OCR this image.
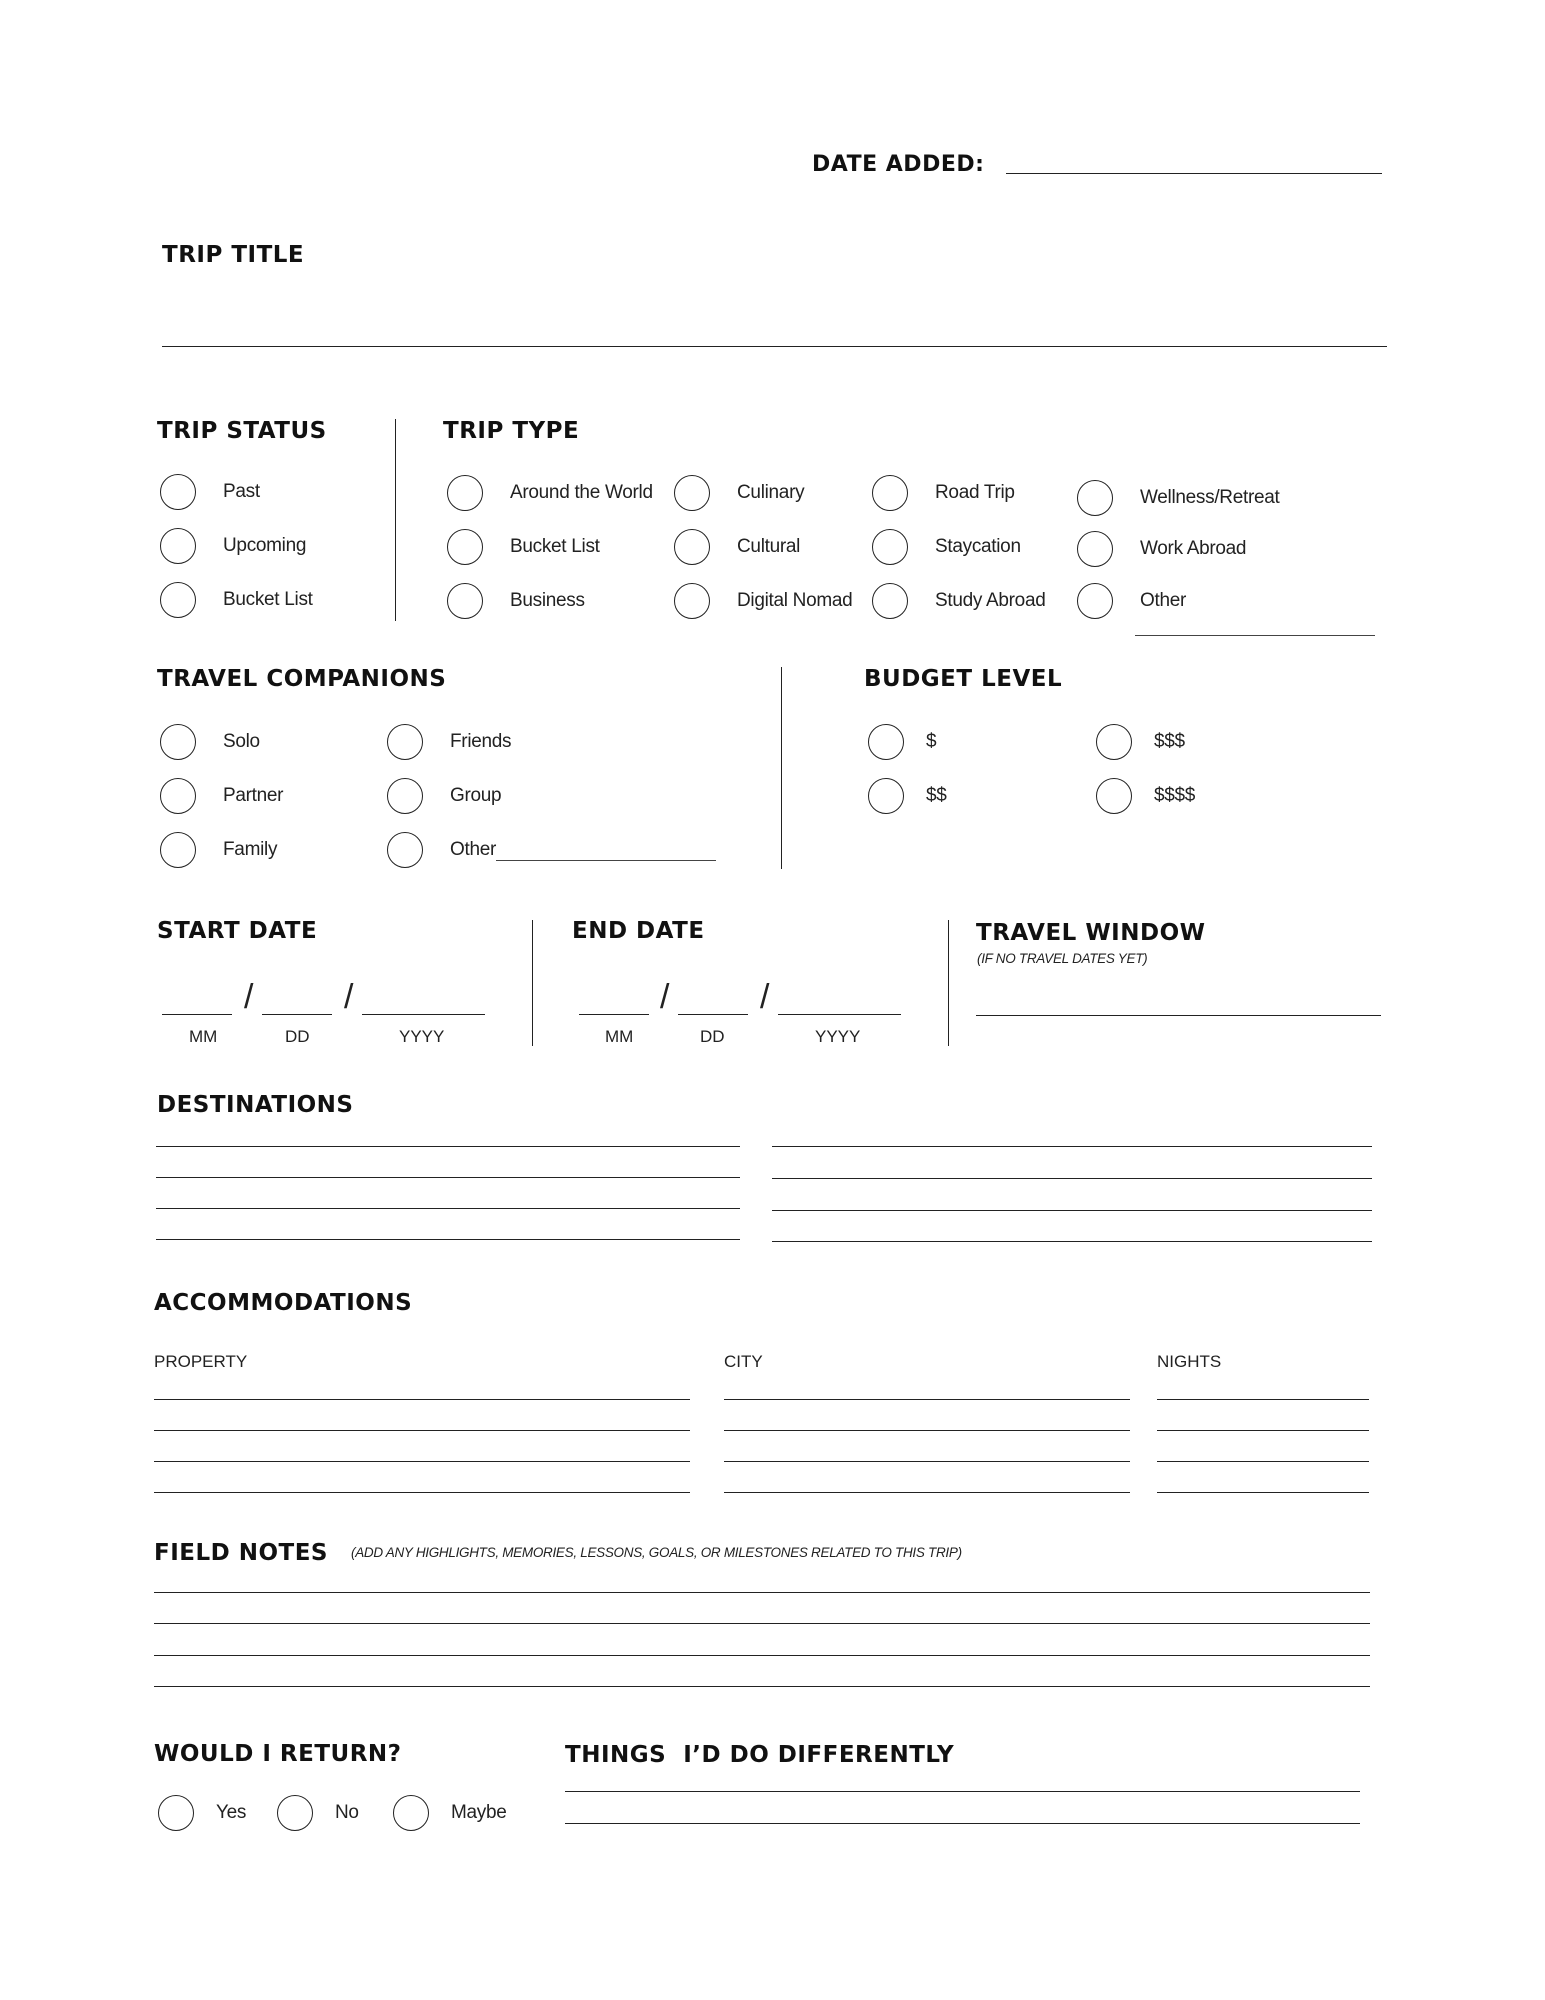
DATE ADDED:
TRIP TITLE
TRIP STATUS
Past
Upcoming
Bucket List
TRIP TYPE
Around the World
Bucket List
Business
Culinary
Cultural
Digital Nomad
Road Trip
Staycation
Study Abroad
Wellness/Retreat
Work Abroad
Other
TRAVEL COMPANIONS
Solo
Partner
Family
Friends
Group
Other
BUDGET LEVEL
$
$$
$$$
$$$$
START DATE
/	/
MM	DD	YYYY
END DATE
/	/
MM	DD	YYYY
TRAVEL WINDOW
(IF NO TRAVEL DATES YET)
DESTINATIONS
ACCOMMODATIONS
PROPERTY	CITY	NIGHTS
FIELD NOTES (ADD ANY HIGHLIGHTS, MEMORIES, LESSONS, GOALS, OR MILESTONES RELATED TO THIS TRIP)
WOULD I RETURN?
Yes	No	Maybe
THINGS  I’D DO DIFFERENTLY
